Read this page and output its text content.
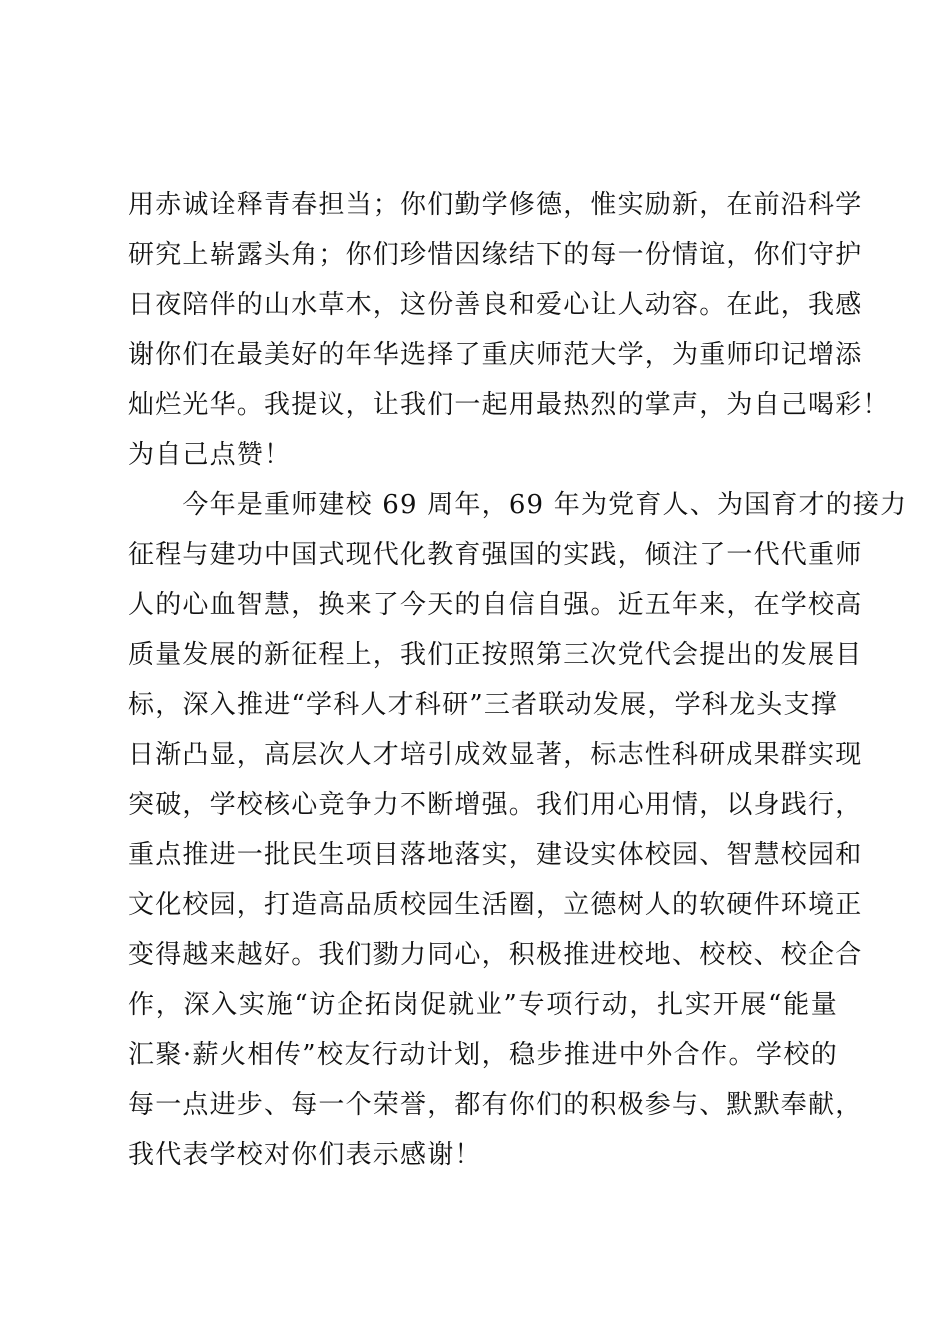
用赤诚诠释青春担当；你们勤学修德，惟实励新，在前沿科学
研究上崭露头角；你们珍惜因缘结下的每一份情谊，你们守护
日夜陪伴的山水草木，这份善良和爱心让人动容。在此，我感
谢你们在最美好的年华选择了重庆师范大学，为重师印记增添
灿烂光华。我提议，让我们一起用最热烈的掌声，为自己喝彩！
为自己点赞！
　　今年是重师建校 69 周年，69 年为党育人、为国育才的接力
征程与建功中国式现代化教育强国的实践，倾注了一代代重师
人的心血智慧，换来了今天的自信自强。近五年来，在学校高
质量发展的新征程上，我们正按照第三次党代会提出的发展目
标，深入推进“学科人才科研”三者联动发展，学科龙头支撑
日渐凸显，高层次人才培引成效显著，标志性科研成果群实现
突破，学校核心竞争力不断增强。我们用心用情，以身践行，
重点推进一批民生项目落地落实，建设实体校园、智慧校园和
文化校园，打造高品质校园生活圈，立德树人的软硬件环境正
变得越来越好。我们勠力同心，积极推进校地、校校、校企合
作，深入实施“访企拓岗促就业”专项行动，扎实开展“能量
汇聚·薪火相传”校友行动计划，稳步推进中外合作。学校的
每一点进步、每一个荣誉，都有你们的积极参与、默默奉献，
我代表学校对你们表示感谢！
